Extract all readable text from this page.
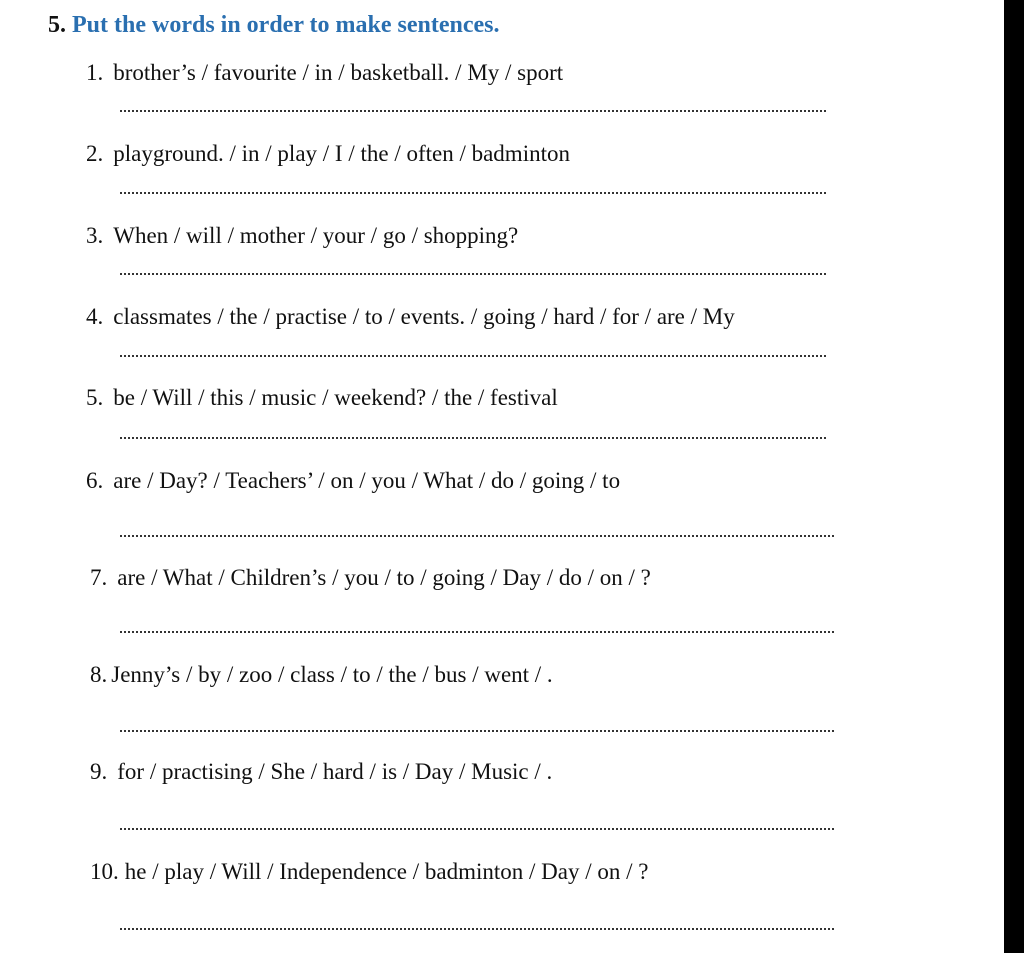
5. Put the words in order to make sentences.
1. brother’s / favourite / in / basketball. / My / sport
2. playground. / in / play / I / the / often / badminton
3. When / will / mother / your / go / shopping?
4. classmates / the / practise / to / events. / going / hard / for / are / My
5. be / Will / this / music / weekend? / the / festival
6. are / Day? / Teachers’ / on / you / What / do / going / to
7. are / What / Children’s / you / to / going / Day / do / on / ?
8. Jenny’s / by / zoo / class / to / the / bus / went / .
9. for / practising / She / hard / is / Day / Music / .
10. he / play / Will / Independence / badminton / Day / on / ?
